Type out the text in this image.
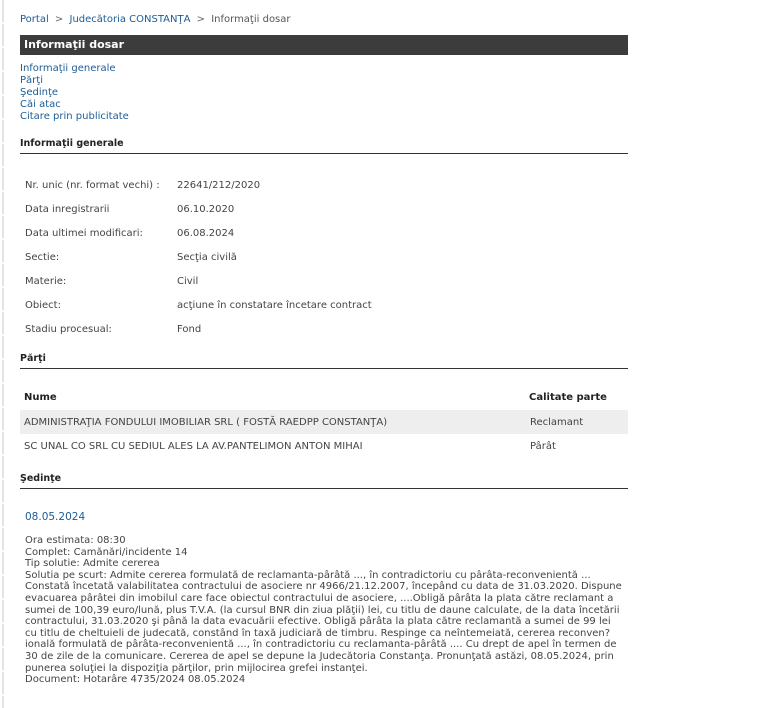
Portal > Judecătoria CONSTANŢA > Informaţii dosar
Informaţii dosar
Informaţii generale
Părţi
Şedinţe
Căi atac
Citare prin publicitate
Informaţii generale
Nr. unic (nr. format vechi) :	22641/212/2020
Data inregistrarii	06.10.2020
Data ultimei modificari:	06.08.2024
Sectie:	Secţia civilă
Materie:	Civil
Obiect:	acţiune în constatare încetare contract
Stadiu procesual:	Fond
Părţi
Nume	Calitate parte
ADMINISTRAŢIA FONDULUI IMOBILIAR SRL ( FOSTĂ RAEDPP CONSTANŢA)	Reclamant
SC UNAL CO SRL CU SEDIUL ALES LA AV.PANTELIMON ANTON MIHAI	Pârât
Şedinţe
08.05.2024
Ora estimata: 08:30
Complet: Camănări/incidente 14
Tip solutie: Admite cererea
Solutia pe scurt: Admite cererea formulată de reclamanta-pârâtă ..., în contradictoriu cu pârâta-reconvenientă ... Constată încetată valabilitatea contractului de asociere nr 4966/21.12.2007, începând cu data de 31.03.2020. Dispune evacuarea pârâtei din imobilul care face obiectul contractului de asociere, ....Obligă pârâta la plata către reclamant a sumei de 100,39 euro/lună, plus T.V.A. (la cursul BNR din ziua plăţii) lei, cu titlu de daune calculate, de la data încetării contractului, 31.03.2020 şi până la data evacuării efective. Obligă pârâta la plata către reclamantă a sumei de 99 lei cu titlu de cheltuieli de judecată, constând în taxă judiciară de timbru. Respinge ca neîntemeiată, cererea reconven?ională formulată de pârâta-reconvenientă ..., în contradictoriu cu reclamanta-pârâtă .... Cu drept de apel în termen de 30 de zile de la comunicare. Cererea de apel se depune la Judecătoria Constanţa. Pronunţată astăzi, 08.05.2024, prin punerea soluţiei la dispoziţia părţilor, prin mijlocirea grefei instanţei.
Document: Hotarâre 4735/2024 08.05.2024
